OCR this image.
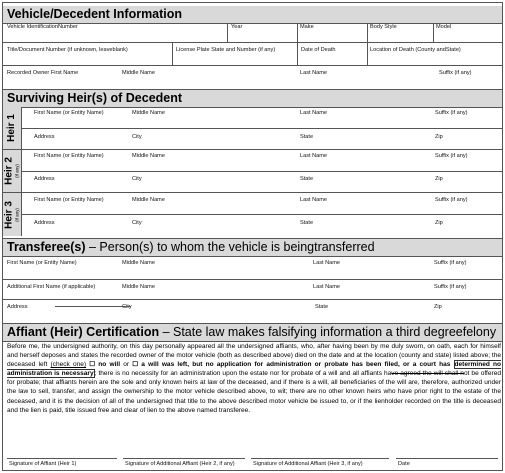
Vehicle/Decedent Information
Vehicle IdentificationNumber	Year	Make	Body Style	Model
Title/Document Number (if unknown, leaveblank)	License Plate State and Number (if any)	Date of Death	Location of Death (County andState)
Recorded Owner First Name	Middle Name	Last Name	Suffix (if any)
Surviving Heir(s) of Decedent
Heir 1
First Name (or Entity Name)	Middle Name	Last Name	Suffix (if any)
Address	City	State	Zip
Heir 2 (if any)
First Name (or Entity Name)	Middle Name	Last Name	Suffix (if any)
Address	City	State	Zip
Heir 3 (if any)
First Name (or Entity Name)	Middle Name	Last Name	Suffix (if any)
Address	City	State	Zip
Transferee(s) – Person(s) to whom the vehicle is beingtransferred
First Name (or Entity Name)	Middle Name	Last Name	Suffix (if any)
Additional First Name (if applicable)	Middle Name	Last Name	Suffix (if any)
Address	City	State	Zip
Affiant (Heir) Certification – State law makes falsifying information a third degreefelony
Before me, the undersigned authority, on this day personally appeared all the undersigned affiants, who, after having been by me duly sworn, on oath, each for himself and herself deposes and states the recorded owner of the motor vehicle (both as described above) died on the date and at the location (county and state) listed above; the deceased left (check one) ☐ no will or ☐ a will was left, but no application for administration or probate has been filed, or a court has determined no administration is necessary; there is no necessity for an administration upon the estate nor for probate of a will and all affiants have agreed the will shall not be offered for probate; that affiants herein are the sole and only known heirs at law of the deceased, and if there is a will, all beneficiaries of the will are, therefore, authorized under the law to sell, transfer, and assign the ownership to the motor vehicle described above, to wit; there are no other known heirs who have prior right to the estate of the deceased, and it is the decision of all of the undersigned that title to the above described motor vehicle be issued to, or if the lienholder recorded on the title is deceased and the lien is paid, title issued free and clear of lien to the above named transferee.
Signature of Affiant (Heir 1)	Signature of Additional Affiant (Heir 2, if any)	Signature of Additional Affiant (Heir 3, if any)	Date
